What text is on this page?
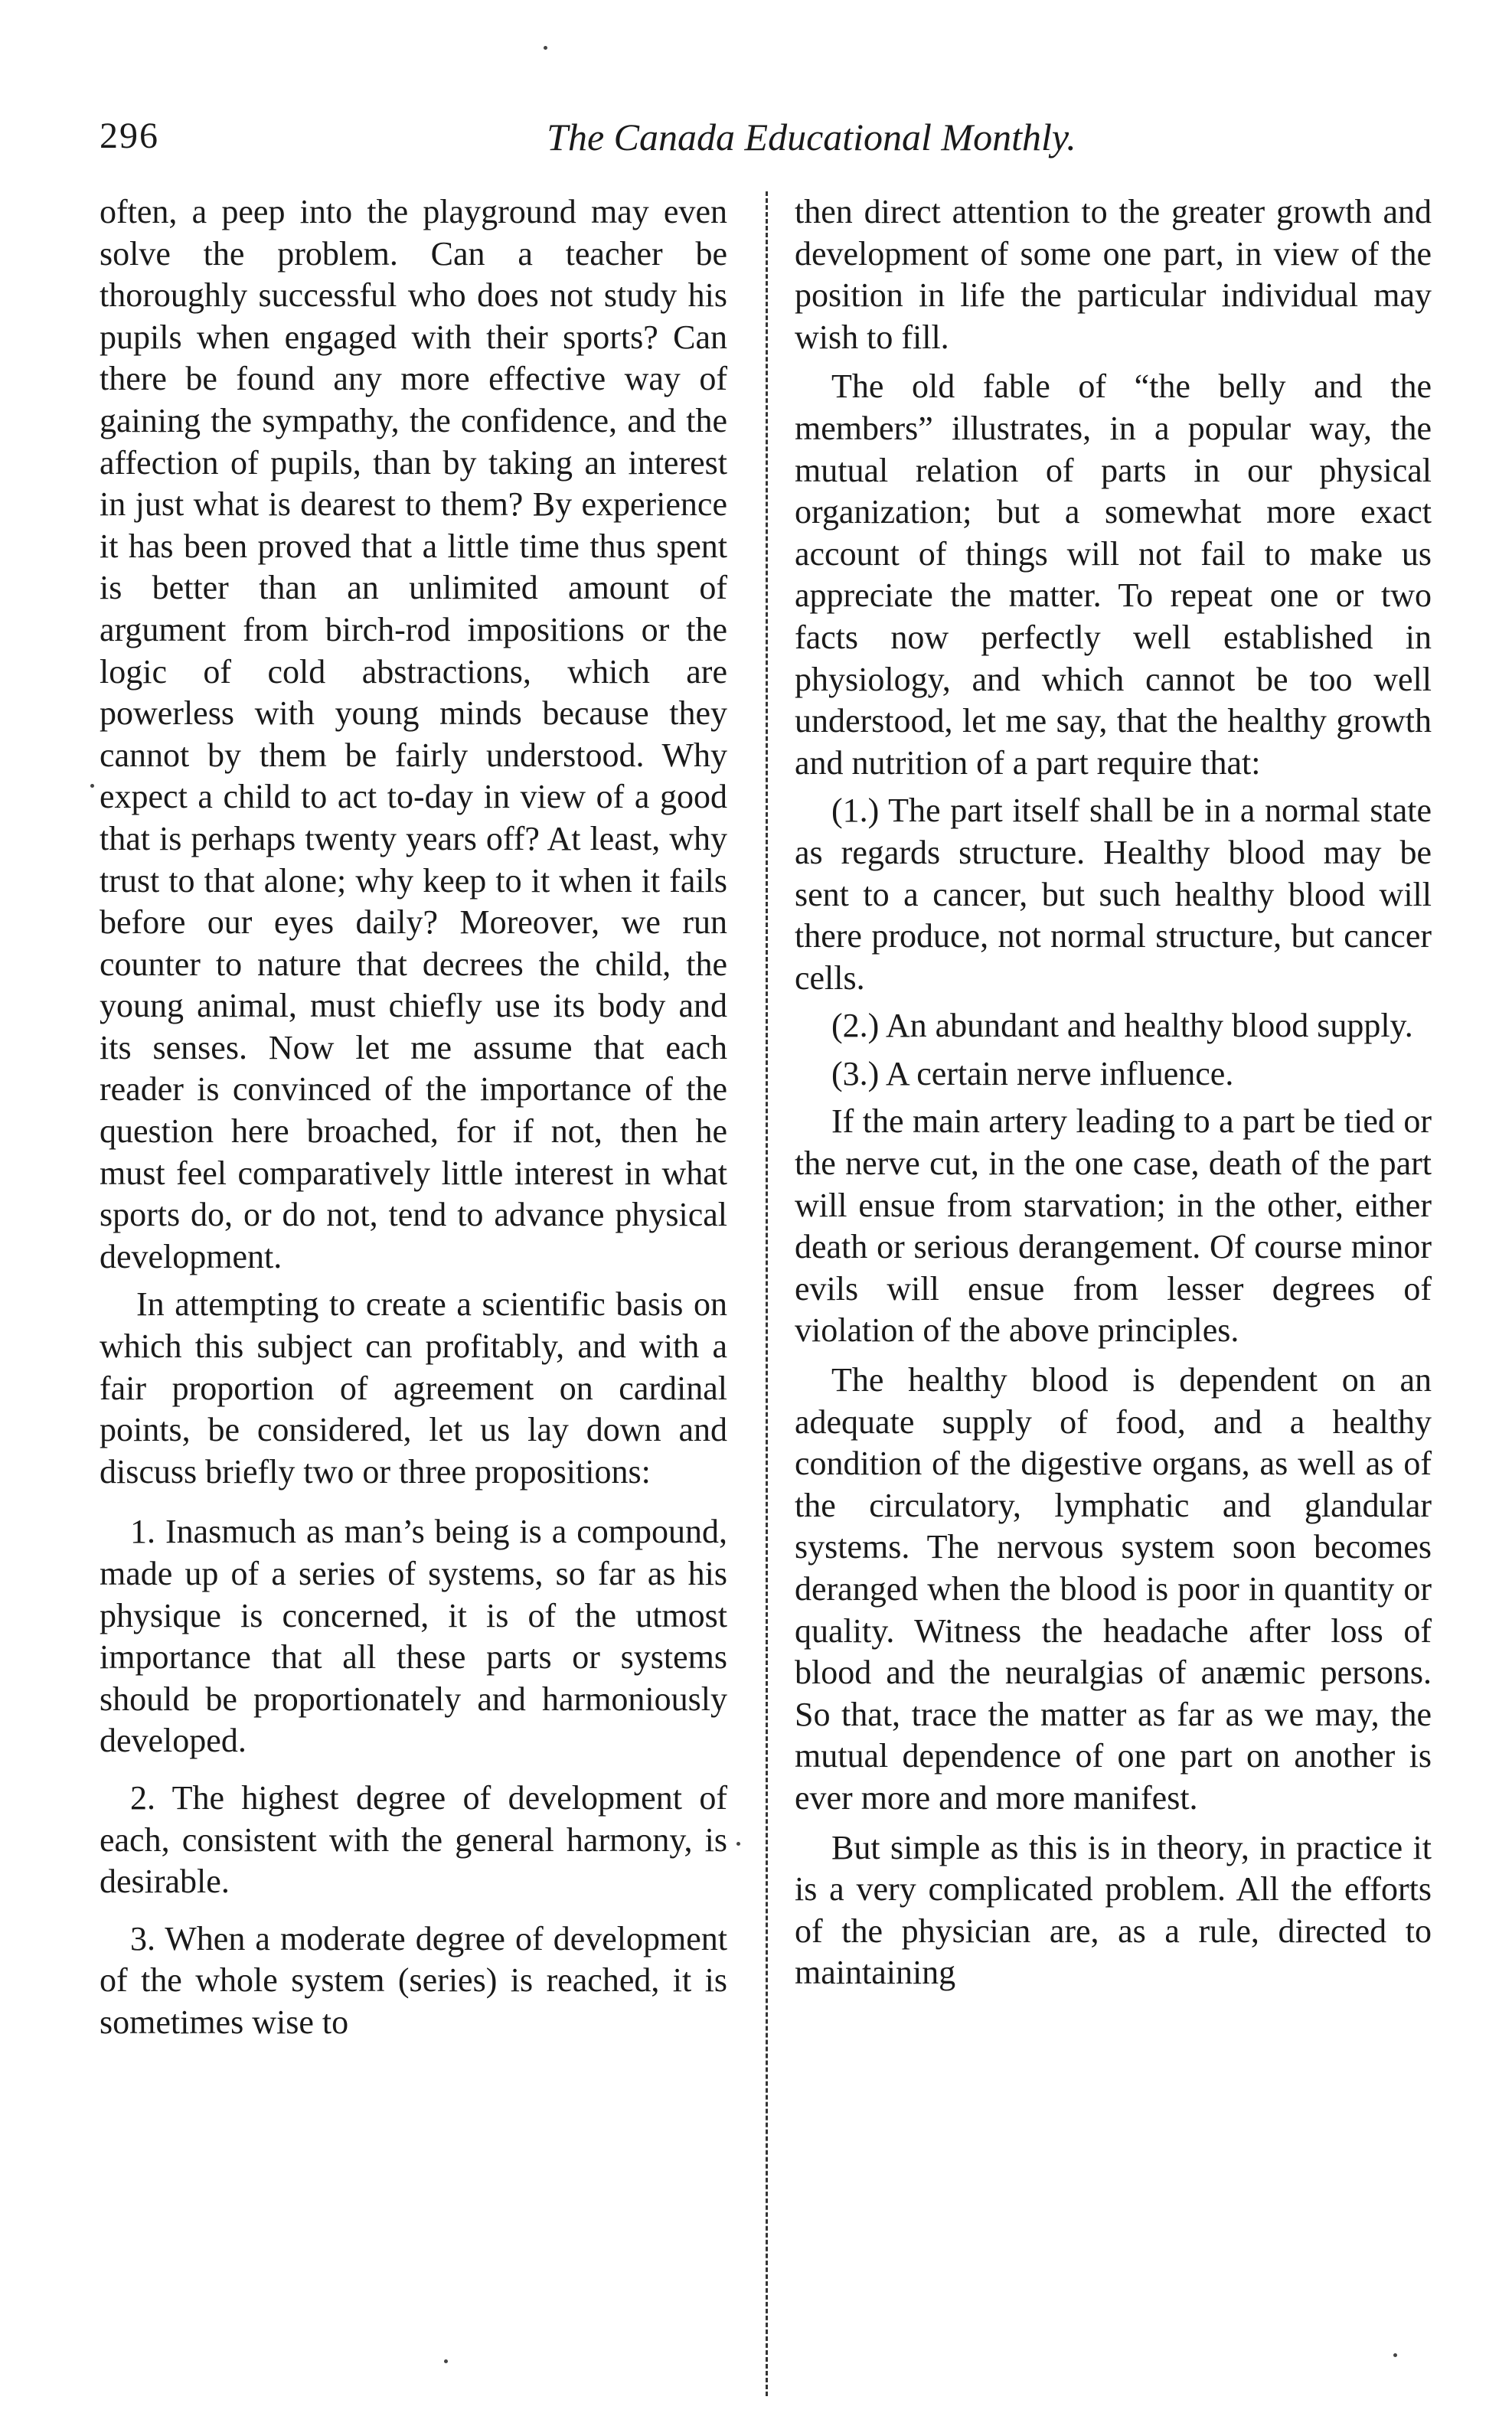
296	The Canada Educational Monthly.

often, a peep into the playground may even solve the problem. Can a teacher be thoroughly successful who does not study his pupils when engaged with their sports? Can there be found any more effective way of gaining the sympathy, the confidence, and the affection of pupils, than by taking an interest in just what is dearest to them? By experience it has been proved that a little time thus spent is better than an unlimited amount of argument from birch-rod impositions or the logic of cold abstractions, which are powerless with young minds because they cannot by them be fairly understood. Why expect a child to act to-day in view of a good that is perhaps twenty years off? At least, why trust to that alone; why keep to it when it fails before our eyes daily? Moreover, we run counter to nature that decrees the child, the young animal, must chiefly use its body and its senses. Now let me assume that each reader is convinced of the importance of the question here broached, for if not, then he must feel comparatively little interest in what sports do, or do not, tend to advance physical development.

In attempting to create a scientific basis on which this subject can profitably, and with a fair proportion of agreement on cardinal points, be considered, let us lay down and discuss briefly two or three propositions:

1. Inasmuch as man’s being is a compound, made up of a series of systems, so far as his physique is concerned, it is of the utmost importance that all these parts or systems should be proportionately and harmoniously developed.

2. The highest degree of development of each, consistent with the general harmony, is desirable.

3. When a moderate degree of development of the whole system (series) is reached, it is sometimes wise to

then direct attention to the greater growth and development of some one part, in view of the position in life the particular individual may wish to fill.

The old fable of “the belly and the members” illustrates, in a popular way, the mutual relation of parts in our physical organization; but a somewhat more exact account of things will not fail to make us appreciate the matter. To repeat one or two facts now perfectly well established in physiology, and which cannot be too well understood, let me say, that the healthy growth and nutrition of a part require that:

(1.) The part itself shall be in a normal state as regards structure. Healthy blood may be sent to a cancer, but such healthy blood will there produce, not normal structure, but cancer cells.

(2.) An abundant and healthy blood supply.

(3.) A certain nerve influence.

If the main artery leading to a part be tied or the nerve cut, in the one case, death of the part will ensue from starvation; in the other, either death or serious derangement. Of course minor evils will ensue from lesser degrees of violation of the above principles.

The healthy blood is dependent on an adequate supply of food, and a healthy condition of the digestive organs, as well as of the circulatory, lymphatic and glandular systems. The nervous system soon becomes deranged when the blood is poor in quantity or quality. Witness the headache after loss of blood and the neuralgias of anæmic persons. So that, trace the matter as far as we may, the mutual dependence of one part on another is ever more and more manifest.

But simple as this is in theory, in practice it is a very complicated problem. All the efforts of the physician are, as a rule, directed to maintaining
